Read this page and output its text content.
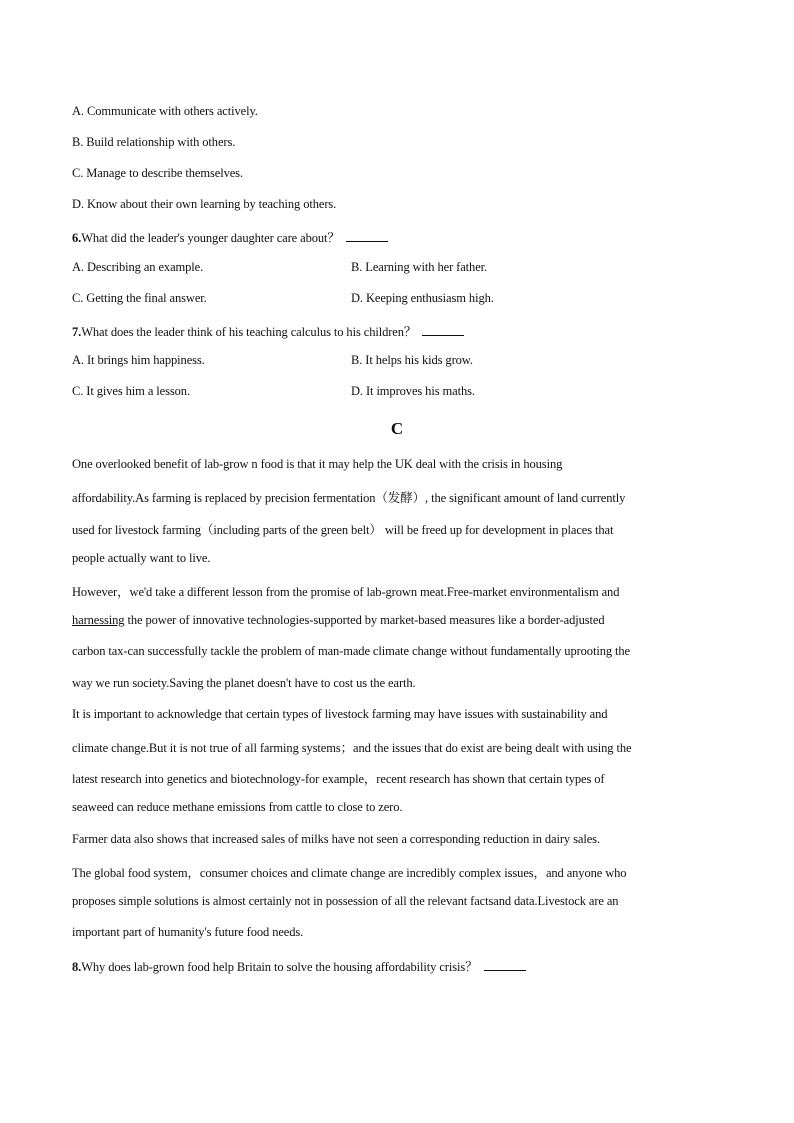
A. Communicate with others actively.
B. Build relationship with others.
C. Manage to describe themselves.
D. Know about their own learning by teaching others.
6.What did the leader's younger daughter care about？
A. Describing an example.	B. Learning with her father.
C. Getting the final answer.	D. Keeping enthusiasm high.
7.What does the leader think of his teaching calculus to his children？
A. It brings him happiness.	B. It helps his kids grow.
C. It gives him a lesson.	D. It improves his maths.
C
One overlooked benefit of lab-grow n food is that it may help the UK deal with the crisis in housing
affordability.As farming is replaced by precision fermentation（发酵）, the significant amount of land currently
used for livestock farming（including parts of the green belt） will be freed up for development in places that
people actually want to live.
However，we'd take a different lesson from the promise of lab-grown meat.Free-market environmentalism and
harnessing the power of innovative technologies-supported by market-based measures like a border-adjusted
carbon tax-can successfully tackle the problem of man-made climate change without fundamentally uprooting the
way we run society.Saving the planet doesn't have to cost us the earth.
It is important to acknowledge that certain types of livestock farming may have issues with sustainability and
climate change.But it is not true of all farming systems；and the issues that do exist are being dealt with using the
latest research into genetics and biotechnology-for example，recent research has shown that certain types of
seaweed can reduce methane emissions from cattle to close to zero.
Farmer data also shows that increased sales of milks have not seen a corresponding reduction in dairy sales.
The global food system，consumer choices and climate change are incredibly complex issues，and anyone who
proposes simple solutions is almost certainly not in possession of all the relevant factsand data.Livestock are an
important part of humanity's future food needs.
8.Why does lab-grown food help Britain to solve the housing affordability crisis？
